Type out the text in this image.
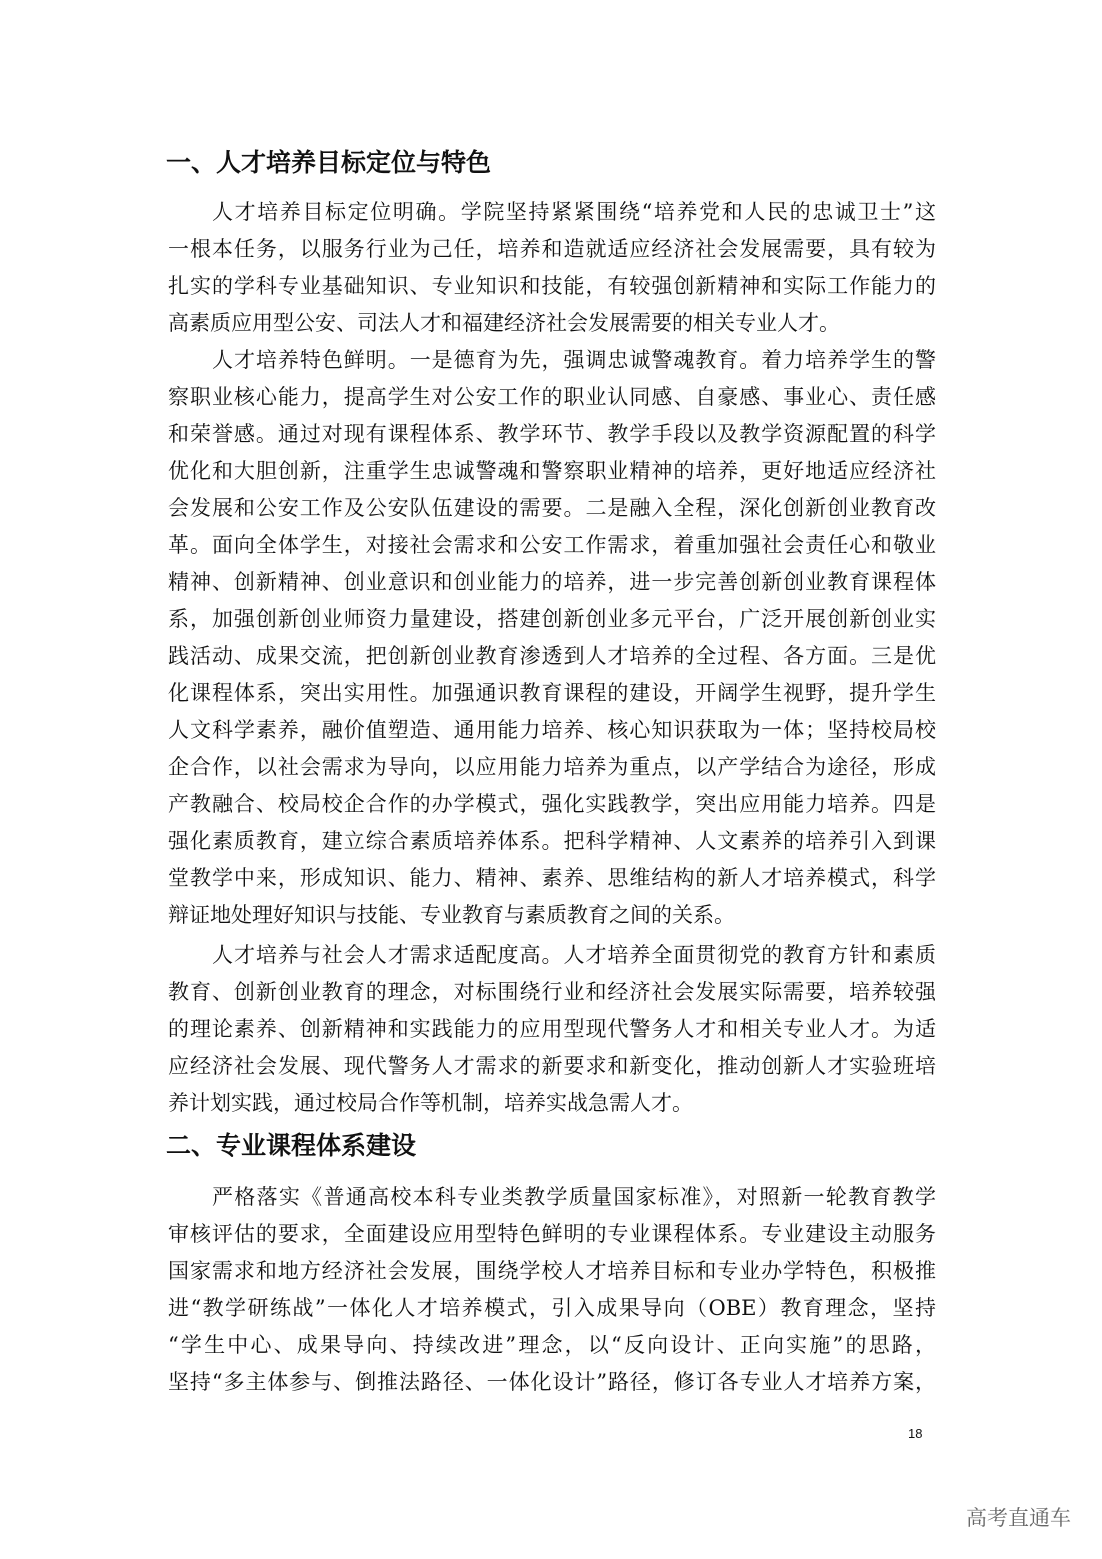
一、人才培养目标定位与特色
人才培养目标定位明确。学院坚持紧紧围绕“培养党和人民的忠诚卫士”这
一根本任务，以服务行业为己任，培养和造就适应经济社会发展需要，具有较为
扎实的学科专业基础知识、专业知识和技能，有较强创新精神和实际工作能力的
高素质应用型公安、司法人才和福建经济社会发展需要的相关专业人才。
人才培养特色鲜明。一是德育为先，强调忠诚警魂教育。着力培养学生的警
察职业核心能力，提高学生对公安工作的职业认同感、自豪感、事业心、责任感
和荣誉感。通过对现有课程体系、教学环节、教学手段以及教学资源配置的科学
优化和大胆创新，注重学生忠诚警魂和警察职业精神的培养，更好地适应经济社
会发展和公安工作及公安队伍建设的需要。二是融入全程，深化创新创业教育改
革。面向全体学生，对接社会需求和公安工作需求，着重加强社会责任心和敬业
精神、创新精神、创业意识和创业能力的培养，进一步完善创新创业教育课程体
系，加强创新创业师资力量建设，搭建创新创业多元平台，广泛开展创新创业实
践活动、成果交流，把创新创业教育渗透到人才培养的全过程、各方面。三是优
化课程体系，突出实用性。加强通识教育课程的建设，开阔学生视野，提升学生
人文科学素养，融价值塑造、通用能力培养、核心知识获取为一体；坚持校局校
企合作，以社会需求为导向，以应用能力培养为重点，以产学结合为途径，形成
产教融合、校局校企合作的办学模式，强化实践教学，突出应用能力培养。四是
强化素质教育，建立综合素质培养体系。把科学精神、人文素养的培养引入到课
堂教学中来，形成知识、能力、精神、素养、思维结构的新人才培养模式，科学
辩证地处理好知识与技能、专业教育与素质教育之间的关系。
人才培养与社会人才需求适配度高。人才培养全面贯彻党的教育方针和素质
教育、创新创业教育的理念，对标围绕行业和经济社会发展实际需要，培养较强
的理论素养、创新精神和实践能力的应用型现代警务人才和相关专业人才。为适
应经济社会发展、现代警务人才需求的新要求和新变化，推动创新人才实验班培
养计划实践，通过校局合作等机制，培养实战急需人才。
二、专业课程体系建设
严格落实《普通高校本科专业类教学质量国家标准》，对照新一轮教育教学
审核评估的要求，全面建设应用型特色鲜明的专业课程体系。专业建设主动服务
国家需求和地方经济社会发展，围绕学校人才培养目标和专业办学特色，积极推
进“教学研练战”一体化人才培养模式，引入成果导向（OBE）教育理念，坚持
“学生中心、成果导向、持续改进”理念，以“反向设计、正向实施”的思路，
坚持“多主体参与、倒推法路径、一体化设计”路径，修订各专业人才培养方案，
18
高考直通车
